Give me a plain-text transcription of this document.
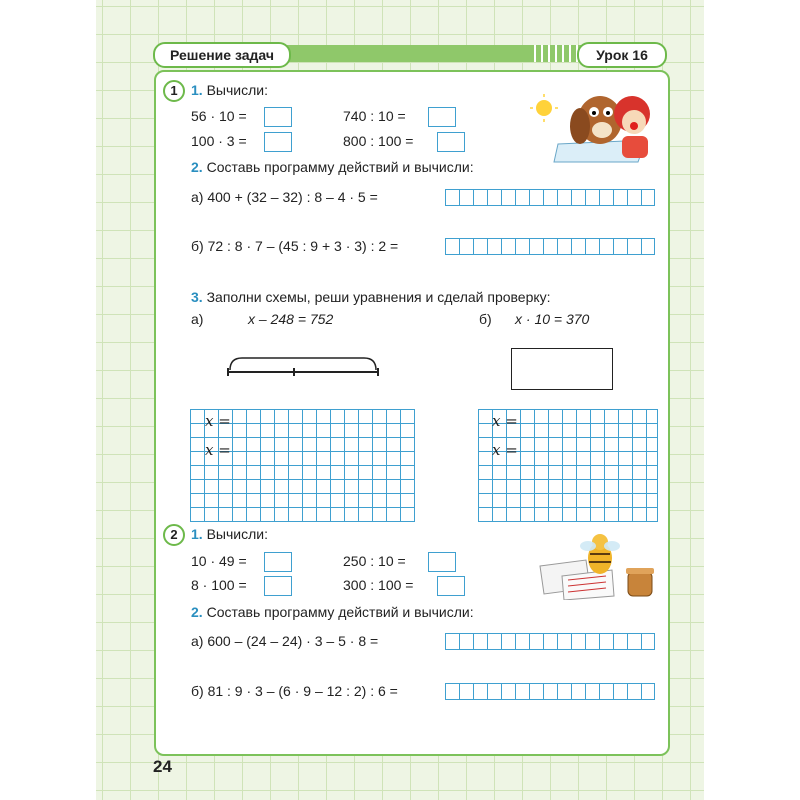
Решение задач	Урок 16
1 1. Вычисли:
56 · 10 =	740 : 10 =
100 · 3 =	800 : 100 =
2. Составь программу действий и вычисли:
а) 400 + (32 – 32) : 8 – 4 · 5 =
б) 72 : 8 · 7 – (45 : 9 + 3 · 3) : 2 =
3. Заполни схемы, реши уравнения и сделай проверку:
а)	x – 248 = 752	б) x · 10 = 370
x =
x =
x =
x =
2 1. Вычисли:
10 · 49 =	250 : 10 =
8 · 100 =	300 : 100 =
2. Составь программу действий и вычисли:
а) 600 – (24 – 24) · 3 – 5 · 8 =
б) 81 : 9 · 3 – (6 · 9 – 12 : 2) : 6 =
24
